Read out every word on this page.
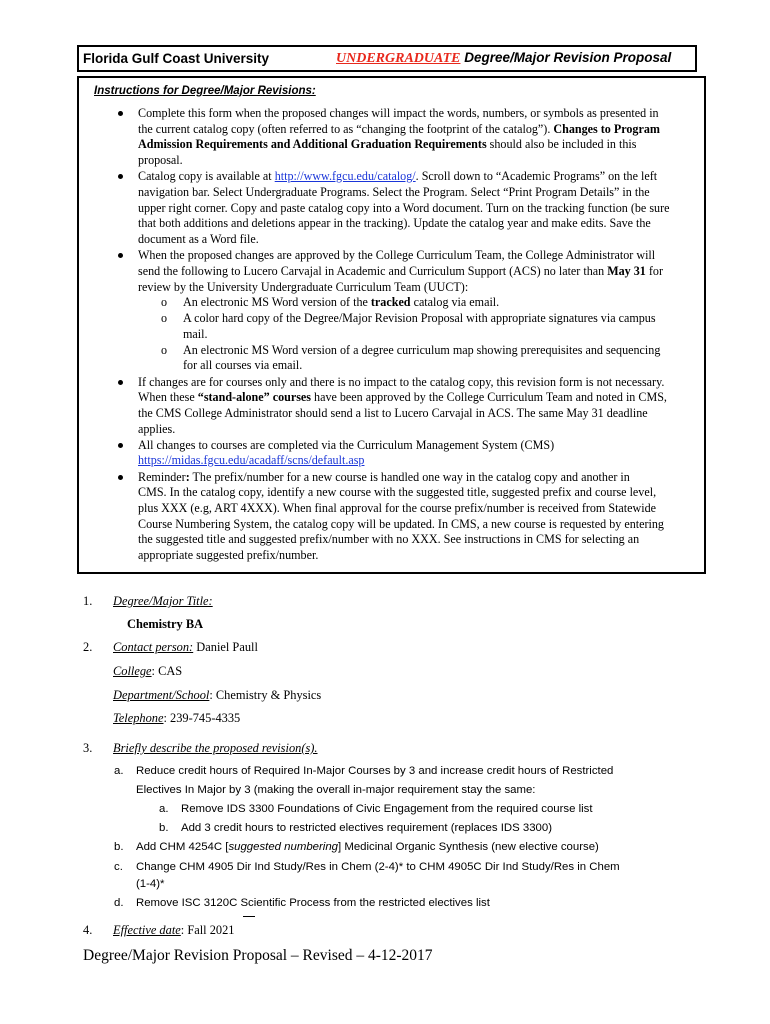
Florida Gulf Coast University	UNDERGRADUATE Degree/Major Revision Proposal
Instructions for Degree/Major Revisions:
Complete this form when the proposed changes will impact the words, numbers, or symbols as presented in
the current catalog copy (often referred to as “changing the footprint of the catalog”). Changes to Program
Admission Requirements and Additional Graduation Requirements should also be included in this
proposal.
Catalog copy is available at http://www.fgcu.edu/catalog/. Scroll down to “Academic Programs” on the left
navigation bar. Select Undergraduate Programs. Select the Program. Select “Print Program Details” in the
upper right corner. Copy and paste catalog copy into a Word document. Turn on the tracking function (be sure
that both additions and deletions appear in the tracking). Update the catalog year and make edits. Save the
document as a Word file.
When the proposed changes are approved by the College Curriculum Team, the College Administrator will
send the following to Lucero Carvajal in Academic and Curriculum Support (ACS) no later than May 31 for
review by the University Undergraduate Curriculum Team (UUCT):
o An electronic MS Word version of the tracked catalog via email.
o A color hard copy of the Degree/Major Revision Proposal with appropriate signatures via campus
mail.
o An electronic MS Word version of a degree curriculum map showing prerequisites and sequencing
for all courses via email.
If changes are for courses only and there is no impact to the catalog copy, this revision form is not necessary.
When these “stand-alone” courses have been approved by the College Curriculum Team and noted in CMS,
the CMS College Administrator should send a list to Lucero Carvajal in ACS. The same May 31 deadline
applies.
All changes to courses are completed via the Curriculum Management System (CMS)
https://midas.fgcu.edu/acadaff/scns/default.asp
Reminder: The prefix/number for a new course is handled one way in the catalog copy and another in
CMS. In the catalog copy, identify a new course with the suggested title, suggested prefix and course level,
plus XXX (e.g, ART 4XXX). When final approval for the course prefix/number is received from Statewide
Course Numbering System, the catalog copy will be updated. In CMS, a new course is requested by entering
the suggested title and suggested prefix/number with no XXX. See instructions in CMS for selecting an
appropriate suggested prefix/number.
1. Degree/Major Title:
Chemistry BA
2. Contact person: Daniel Paull
College: CAS
Department/School: Chemistry & Physics
Telephone: 239-745-4335
3. Briefly describe the proposed revision(s).
a. Reduce credit hours of Required In-Major Courses by 3 and increase credit hours of Restricted
Electives In Major by 3 (making the overall in-major requirement stay the same:
a. Remove IDS 3300 Foundations of Civic Engagement from the required course list
b. Add 3 credit hours to restricted electives requirement (replaces IDS 3300)
b. Add CHM 4254C [suggested numbering] Medicinal Organic Synthesis (new elective course)
c. Change CHM 4905 Dir Ind Study/Res in Chem (2-4)* to CHM 4905C Dir Ind Study/Res in Chem
(1-4)*
d. Remove ISC 3120C Scientific Process from the restricted electives list
4. Effective date: Fall 2021
Degree/Major Revision Proposal – Revised – 4-12-2017
